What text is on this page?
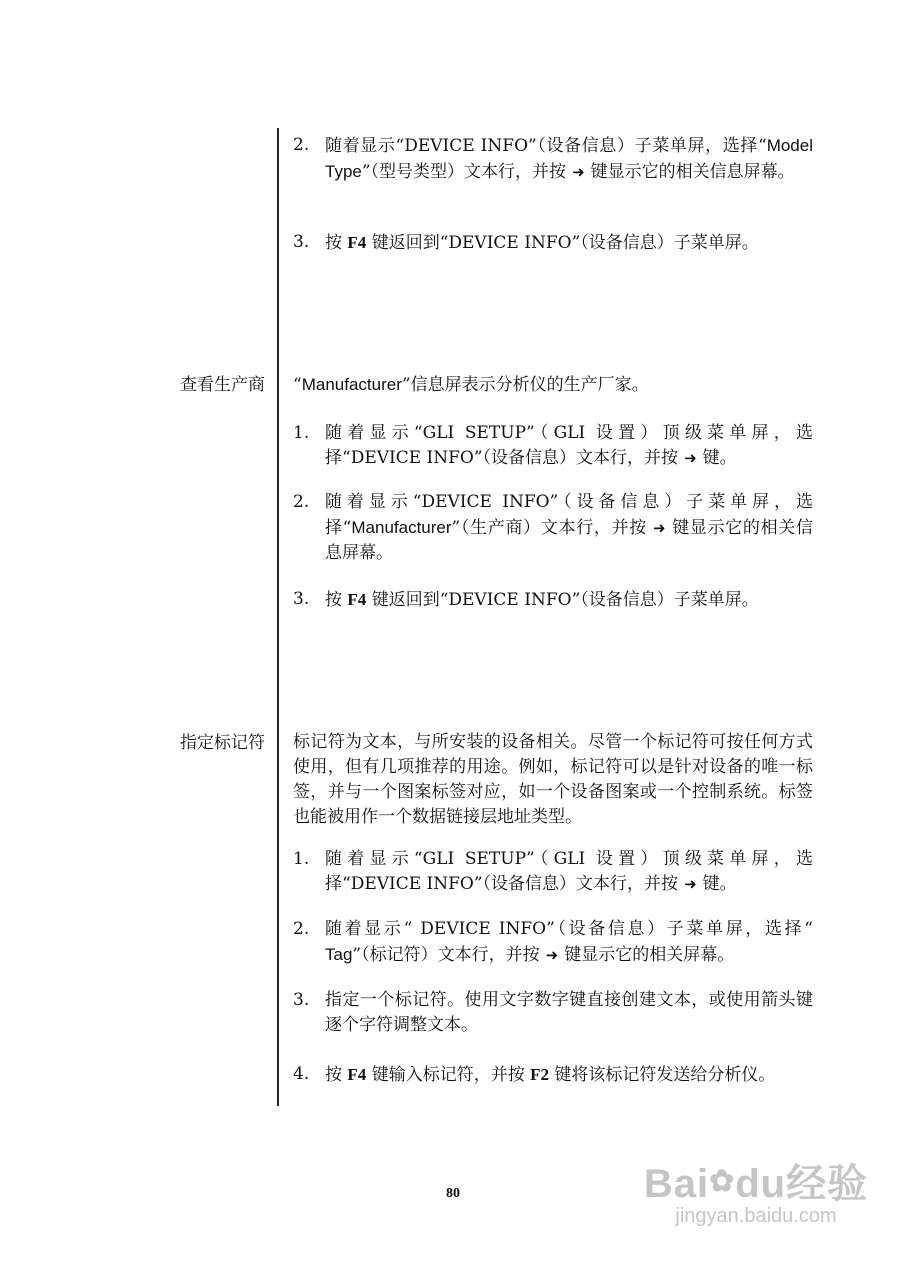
2. 随着显示“DEVICE INFO”（设备信息）子菜单屏，选择“Model Type”（型号类型）文本行，并按 ➜ 键显示它的相关信息屏幕。
3. 按 F4 键返回到“DEVICE INFO”（设备信息）子菜单屏。
查看生产商	“Manufacturer”信息屏表示分析仪的生产厂家。
1. 随着显示“GLI SETUP”（GLI 设置）顶级菜单屏，选择“DEVICE INFO”（设备信息）文本行，并按 ➜ 键。
2. 随着显示“DEVICE INFO”（设备信息）子菜单屏，选择“Manufacturer”（生产商）文本行，并按 ➜ 键显示它的相关信息屏幕。
3. 按 F4 键返回到“DEVICE INFO”（设备信息）子菜单屏。
指定标记符	标记符为文本，与所安装的设备相关。尽管一个标记符可按任何方式使用，但有几项推荐的用途。例如，标记符可以是针对设备的唯一标签，并与一个图案标签对应，如一个设备图案或一个控制系统。标签也能被用作一个数据链接层地址类型。
1. 随着显示“GLI SETUP”（GLI 设置）顶级菜单屏，选择“DEVICE INFO”（设备信息）文本行，并按 ➜ 键。
2. 随着显示“ DEVICE INFO”（设备信息）子菜单屏，选择“ Tag”（标记符）文本行，并按 ➜ 键显示它的相关屏幕。
3. 指定一个标记符。使用文字数字键直接创建文本，或使用箭头键逐个字符调整文本。
4. 按 F4 键输入标记符，并按 F2 键将该标记符发送给分析仪。
80	Bai✿du经验
jingyan.baidu.com
